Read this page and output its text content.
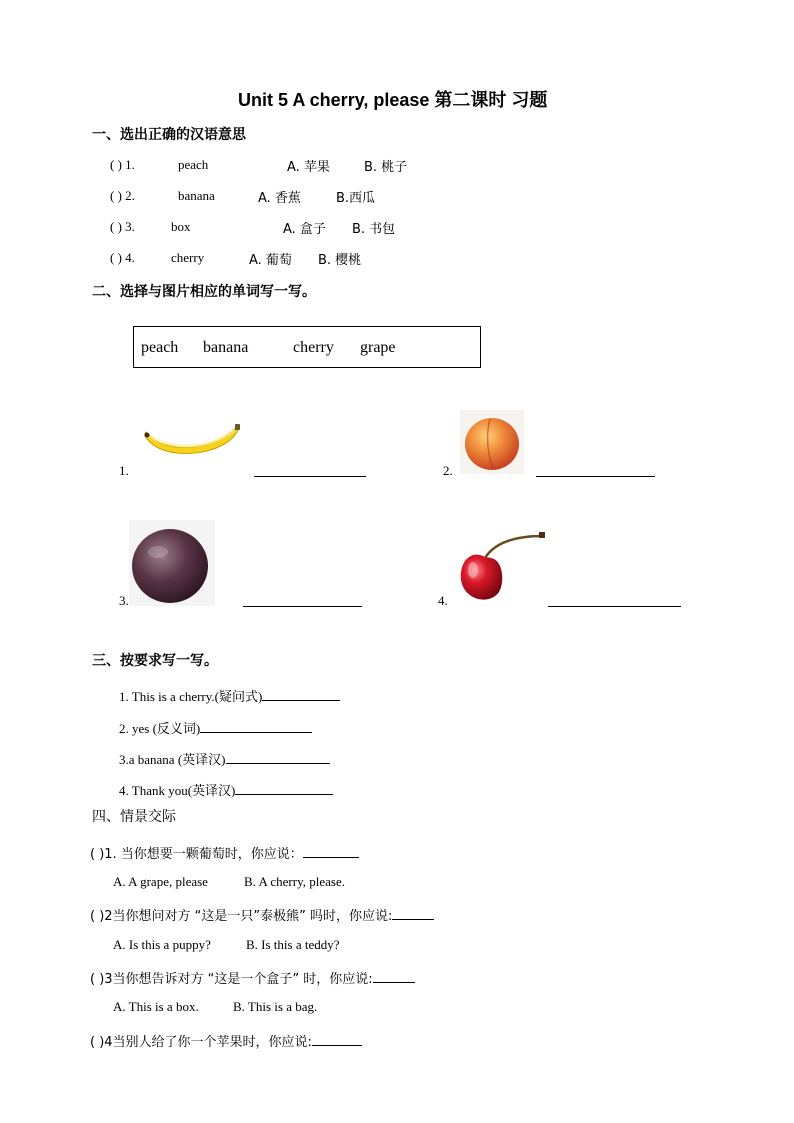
Unit 5 A cherry, please 第二课时 习题
一、选出正确的汉语意思
( ) 1.	peach	A. 苹果	B. 桃子
( ) 2.	banana	A. 香蕉	B.西瓜
( ) 3.	box	A. 盒子 B. 书包
( ) 4.	cherry	A. 葡萄 B. 樱桃
二、选择与图片相应的单词写一写。
peach banana	cherry grape
1.	2.
3.	4.
三、按要求写一写。
1. This is a cherry.(疑问式)
2. yes (反义词)
3.a banana (英译汉)
4. Thank you(英译汉)
四、情景交际
( )1. 当你想要一颗葡萄时，你应说：
A. A grape, please	B. A cherry, please.
( )2当你想问对方 “这是一只”泰极熊” 吗时，你应说:
A. Is this a puppy?	B. Is this a teddy?
( )3当你想告诉对方 “这是一个盒子” 时，你应说:
A. This is a box.	B. This is a bag.
( )4当别人给了你一个苹果时，你应说:
